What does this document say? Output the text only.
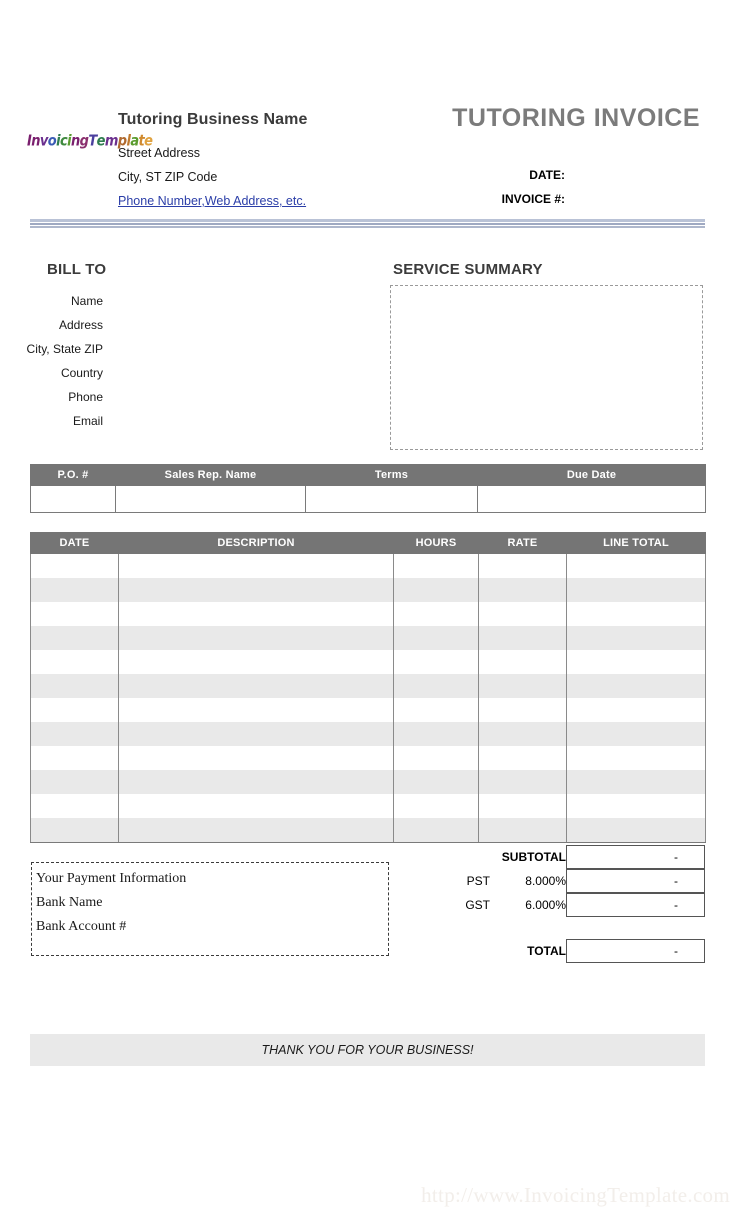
InvoicingTemplate
Tutoring Business Name
Street Address
City, ST ZIP Code
Phone Number,Web Address, etc.
TUTORING INVOICE
DATE:
INVOICE #:
BILL TO
Name
Address
City, State ZIP
Country
Phone
Email
SERVICE SUMMARY
P.O. #	Sales Rep. Name	Terms	Due Date

DATE	DESCRIPTION	HOURS	RATE	LINE TOTAL

SUBTOTAL	-
PST	8.000%	-
GST	6.000%	-
TOTAL	-
Your Payment Information
Bank Name
Bank Account #
THANK YOU FOR YOUR BUSINESS!
http://www.InvoicingTemplate.com
